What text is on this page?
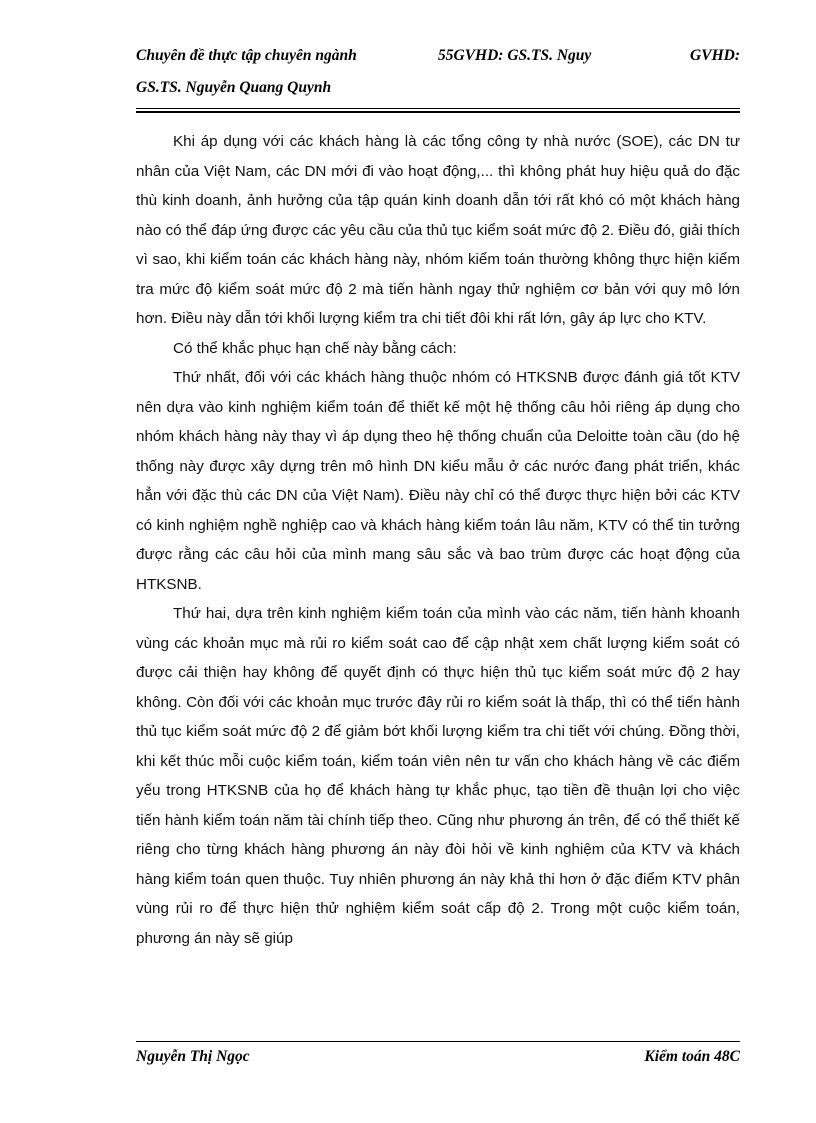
Chuyên đề thực tập chuyên ngành	55GVHD: GS.TS. Nguy	GVHD:
GS.TS. Nguyễn Quang Quynh

Khi áp dụng với các khách hàng là các tổng công ty nhà nước (SOE), các DN tư nhân của Việt Nam, các DN mới đi vào hoạt động,... thì không phát huy hiệu quả do đặc thù kinh doanh, ảnh hưởng của tập quán kinh doanh dẫn tới rất khó có một khách hàng nào có thể đáp ứng được các yêu cầu của thủ tục kiểm soát mức độ 2. Điều đó, giải thích vì sao, khi kiểm toán các khách hàng này, nhóm kiểm toán thường không thực hiện kiểm tra mức độ kiểm soát mức độ 2 mà tiến hành ngay thử nghiệm cơ bản với quy mô lớn hơn. Điều này dẫn tới khối lượng kiểm tra chi tiết đôi khi rất lớn, gây áp lực cho KTV.

Có thể khắc phục hạn chế này bằng cách:

Thứ nhất, đối với các khách hàng thuộc nhóm có HTKSNB được đánh giá tốt KTV nên dựa vào kinh nghiệm kiểm toán để thiết kế một hệ thống câu hỏi riêng áp dụng cho nhóm khách hàng này thay vì áp dụng theo hệ thống chuẩn của Deloitte toàn cầu (do hệ thống này được xây dựng trên mô hình DN kiểu mẫu ở các nước đang phát triển, khác hẳn với đặc thù các DN của Việt Nam). Điều này chỉ có thể được thực hiện bởi các KTV có kinh nghiệm nghề nghiệp cao và khách hàng kiểm toán lâu năm, KTV có thể tin tưởng được rằng các câu hỏi của mình mang sâu sắc và bao trùm được các hoạt động của HTKSNB.

Thứ hai, dựa trên kinh nghiệm kiểm toán của mình vào các năm, tiến hành khoanh vùng các khoản mục mà rủi ro kiểm soát cao để cập nhật xem chất lượng kiểm soát có được cải thiện hay không để quyết định có thực hiện thủ tục kiểm soát mức độ 2 hay không. Còn đối với các khoản mục trước đây rủi ro kiểm soát là thấp, thì có thể tiến hành thủ tục kiểm soát mức độ 2 để giảm bớt khối lượng kiểm tra chi tiết với chúng. Đồng thời, khi kết thúc mỗi cuộc kiểm toán, kiểm toán viên nên tư vấn cho khách hàng về các điểm yếu trong HTKSNB của họ để khách hàng tự khắc phục, tạo tiền đề thuận lợi cho việc tiến hành kiểm toán năm tài chính tiếp theo. Cũng như phương án trên, để có thể thiết kế riêng cho từng khách hàng phương án này đòi hỏi về kinh nghiệm của KTV và khách hàng kiểm toán quen thuộc. Tuy nhiên phương án này khả thi hơn ở đặc điểm KTV phân vùng rủi ro để thực hiện thử nghiệm kiểm soát cấp độ 2. Trong một cuộc kiểm toán, phương án này sẽ giúp

Nguyễn Thị Ngọc	Kiểm toán 48C
